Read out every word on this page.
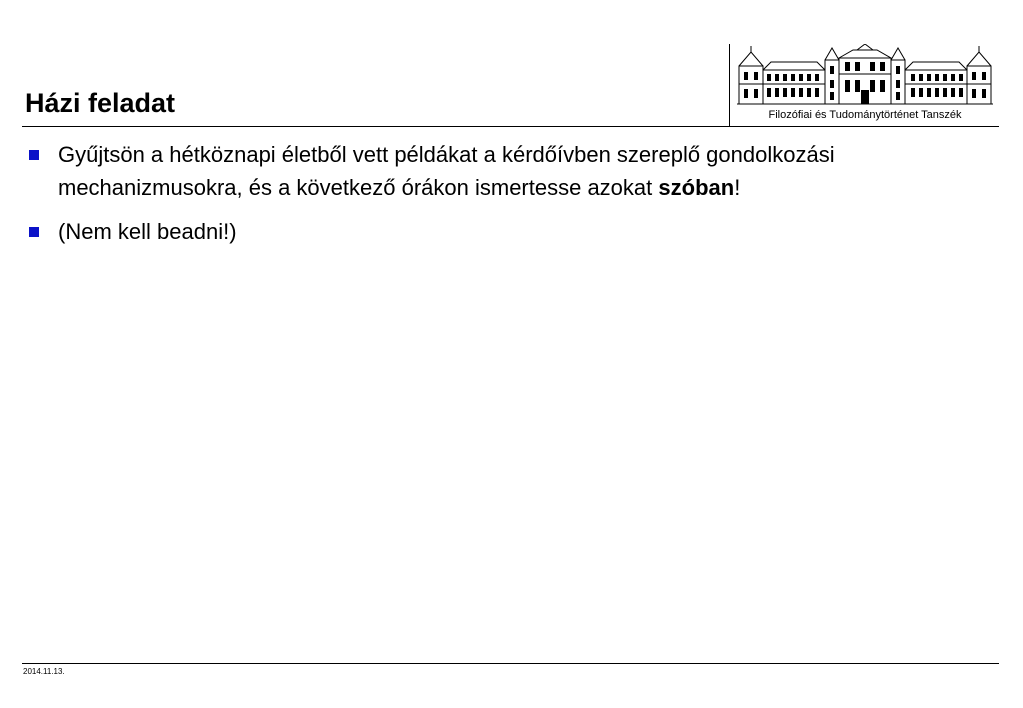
Házi feladat	Filozófiai és Tudománytörténet Tanszék
Gyűjtsön a hétköznapi életből vett példákat a kérdőívben szereplő gondolkozási mechanizmusokra, és a következő órákon ismertesse azokat szóban!
(Nem kell beadni!)
2014.11.13.
